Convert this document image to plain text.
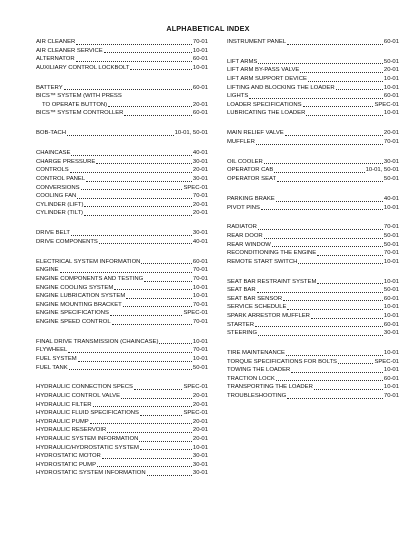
ALPHABETICAL INDEX
AIR CLEANER	70-01
AIR CLEANER SERVICE	10-01
ALTERNATOR	60-01
AUXILIARY CONTROL LOCKBOLT	10-01
BATTERY	60-01
BICS™ SYSTEM (WITH PRESS
TO OPERATE BUTTON)	20-01
BICS™ SYSTEM CONTROLLER	60-01
BOB-TACH	10-01, 50-01
CHAINCASE	40-01
CHARGE PRESSURE	30-01
CONTROLS	20-01
CONTROL PANEL	30-01
CONVERSIONS	SPEC-01
COOLING FAN	70-01
CYLINDER (LIFT)	20-01
CYLINDER (TILT)	20-01
DRIVE BELT	30-01
DRIVE COMPONENTS	40-01
ELECTRICAL SYSTEM INFORMATION	60-01
ENGINE	70-01
ENGINE COMPONENTS AND TESTING	70-01
ENGINE COOLING SYSTEM	10-01
ENGINE LUBRICATION SYSTEM	10-01
ENGINE MOUNTING BRACKET	70-01
ENGINE SPECIFICATIONS	SPEC-01
ENGINE SPEED CONTROL	70-01
FINAL DRIVE TRANSMISSION (CHAINCASE)	10-01
FLYWHEEL	70-01
FUEL SYSTEM	10-01
FUEL TANK	50-01
HYDRAULIC CONNECTION SPECS	SPEC-01
HYDRAULIC CONTROL VALVE	20-01
HYDRAULIC FILTER	20-01
HYDRAULIC FLUID SPECIFICATIONS	SPEC-01
HYDRAULIC PUMP	20-01
HYDRAULIC RESERVOIR	20-01
HYDRAULIC SYSTEM INFORMATION	20-01
HYDRAULIC/HYDROSTATIC SYSTEM	10-01
HYDROSTATIC MOTOR	30-01
HYDROSTATIC PUMP	30-01
HYDROSTATIC SYSTEM INFORMATION	30-01
INSTRUMENT PANEL	60-01
LIFT ARMS	50-01
LIFT ARM BY-PASS VALVE	20-01
LIFT ARM SUPPORT DEVICE	10-01
LIFTING AND BLOCKING THE LOADER	10-01
LIGHTS	60-01
LOADER SPECIFICATIONS	SPEC-01
LUBRICATING THE LOADER	10-01
MAIN RELIEF VALVE	20-01
MUFFLER	70-01
OIL COOLER	30-01
OPERATOR CAB	10-01, 50-01
OPERATOR SEAT	50-01
PARKING BRAKE	40-01
PIVOT PINS	10-01
RADIATOR	70-01
REAR DOOR	50-01
REAR WINDOW	50-01
RECONDITIONING THE ENGINE	70-01
REMOTE START SWITCH	10-01
SEAT BAR RESTRAINT SYSTEM	10-01
SEAT BAR	50-01
SEAT BAR SENSOR	60-01
SERVICE SCHEDULE	10-01
SPARK ARRESTOR MUFFLER	10-01
STARTER	60-01
STEERING	30-01
TIRE MAINTENANCE	10-01
TORQUE SPECIFICATIONS FOR BOLTS	SPEC-01
TOWING THE LOADER	10-01
TRACTION LOCK	60-01
TRANSPORTING THE LOADER	10-01
TROUBLESHOOTING	70-01
